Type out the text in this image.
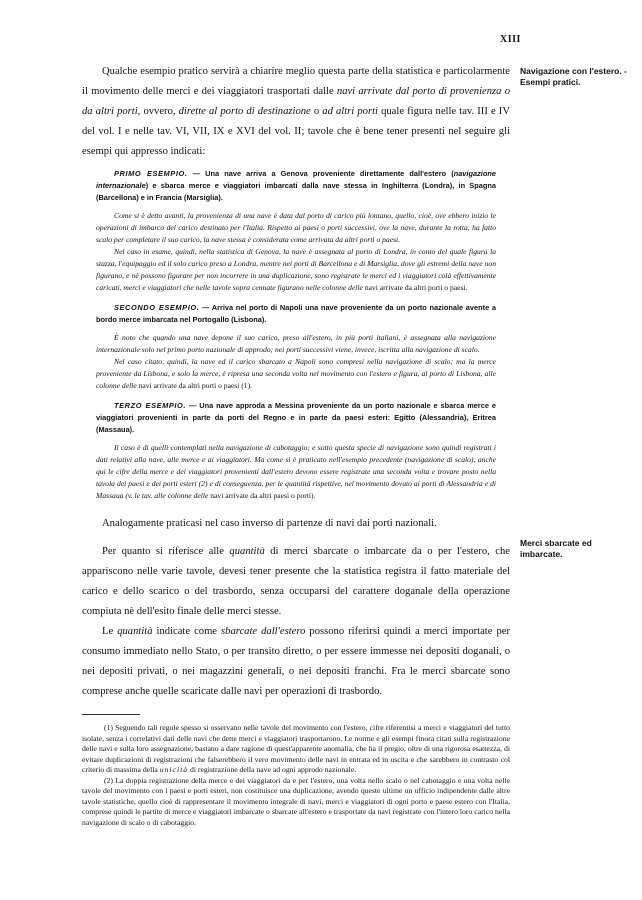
XIII
Navigazione con l'estero. - Esempi pratici.
Merci sbarcate ed imbarcate.

Qualche esempio pratico servirà a chiarire meglio questa parte della statistica e particolarmente il movimento delle merci e dei viaggiatori trasportati dalle navi arrivate dal porto di provenienza o da altri porti, ovvero, dirette al porto di destinazione o ad altri porti quale figura nelle tav. III e IV del vol. I e nelle tav. VI, VII, IX e XVI del vol. II; tavole che è bene tener presenti nel seguire gli esempi qui appresso indicati:

PRIMO ESEMPIO. — Una nave arriva a Genova proveniente direttamente dall'estero (navigazione internazionale) e sbarca merce e viaggiatori imbarcati dalla nave stessa in Inghilterra (Londra), in Spagna (Barcellona) e in Francia (Marsiglia).

Come si è detto avanti, la provenienza di una nave è data dal porto di carico più lontano, quello, cioè, ove ebbero inizio le operazioni di imbarco del carico destinato per l'Italia. Rispetto ai paesi o porti successivi, ove la nave, durante la rotta, ha fatto scalo per completare il suo carico, la nave stessa è considerata come arrivata da altri porti o paesi.

Nel caso in esame, quindi, nella statistica di Genova, la nave è assegnata al porto di Londra, in conto del quale figura la stazza, l'equipaggio ed il solo carico preso a Londra, mentre nei porti di Barcellona e di Marsiglia, dove gli estremi della nave non figurano, e nè possono figurare per non incorrere in una duplicazione, sono registrate le merci ed i viaggiatori colà effettivamente caricati, merci e viaggiatori che nelle tavole sopra cennate figurano nelle colonne delle navi arrivate da altri porti o paesi.

SECONDO ESEMPIO. — Arriva nel porto di Napoli una nave proveniente da un porto nazionale avente a bordo merce imbarcata nel Portogallo (Lisbona).

È noto che quando una nave depone il suo carico, preso all'estero, in più porti italiani, è assegnata alla navigazione internazionale solo nel primo porto nazionale di approdo; nei porti successivi viene, invece, iscritta alla navigazione di scalo.

Nel caso citato, quindi, la nave ed il carico sbarcato a Napoli sono compresi nella navigazione di scalo; ma la merce proveniente da Lisbona, e solo la merce, è ripresa una seconda volta nel movimento con l'estero e figura, al porto di Lisbona, alle colonne delle navi arrivate da altri porti o paesi (1).

TERZO ESEMPIO. — Una nave approda a Messina proveniente da un porto nazionale e sbarca merce e viaggiatori provenienti in parte da porti del Regno e in parte da paesi esteri: Egitto (Alessandria), Eritrea (Massaua).

Il caso è di quelli contemplati nella navigazione di cabotaggio; e sotto questa specie di navigazione sono quindi registrati i dati relativi alla nave, alle merce e ai viaggiatori. Ma come si è praticato nell'esempio precedente (navigazione di scalo), anche qui le cifre della merce e dei viaggiatori provenienti dall'estero devono essere registrate una seconda volta e trovare posto nella tavola dei paesi e dei porti esteri (2) e di conseguenza, per le quantità rispettive, nel movimento dovuto ai porti di Alessandria e di Massaua (v. le tav. alle colonne delle navi arrivate da altri paesi o porti).

Analogamente praticasi nel caso inverso di partenze di navi dai porti nazionali.

Per quanto si riferisce alle quantità di merci sbarcate o imbarcate da o per l'estero, che appariscono nelle varie tavole, devesi tener presente che la statistica registra il fatto materiale del carico e dello scarico o del trasbordo, senza occuparsi del carattere doganale della operazione compiuta nè dell'esito finale delle merci stesse.

Le quantità indicate come sbarcate dall'estero possono riferirsi quindi a merci importate per consumo immediato nello Stato, o per transito diretto, o per essere immesse nei depositi doganali, o nei depositi privati, o nei magazzini generali, o nei depositi franchi. Fra le merci sbarcate sono comprese anche quelle scaricate dalle navi per operazioni di trasbordo.

(1) Seguendo tali regole spesso si osservano nelle tavole del movimento con l'estero, cifre riferentisi a merci e viaggiatori del tutto isolate, senza i correlativi dati delle navi che dette merci e viaggiatori trasportarono. Le norme e gli esempi finora citati sulla registrazione delle navi e sulla loro assegnazione, bastano a dare ragione di quest'apparente anomalia, che ha il pregio, oltre di una rigorosa esattezza, di evitare duplicazioni di registrazioni che falserebbero il vero movimento delle navi in entrata ed in uscita e che sarebbero in contrasto col criterio di massima della unicità di registrazione della nave ad ogni approdo nazionale.

(2) La doppia registrazione della merce e dei viaggiatori da e per l'estero, una volta nello scalo o nel cabotaggio e una volta nelle tavole del movimento con i paesi e porti esteri, non costituisce una duplicazione, avendo queste ultime un ufficio indipendente dalle altre tavole statistiche, quello cioè di rappresentare il movimento integrale di navi, merci e viaggiatori di ogni porto e paese estero con l'Italia, comprese quindi le partite di merce e viaggiatori imbarcate o sbarcate all'estero e trasportate da navi registrate con l'intero loro carico nella navigazione di scalo o di cabotaggio.
